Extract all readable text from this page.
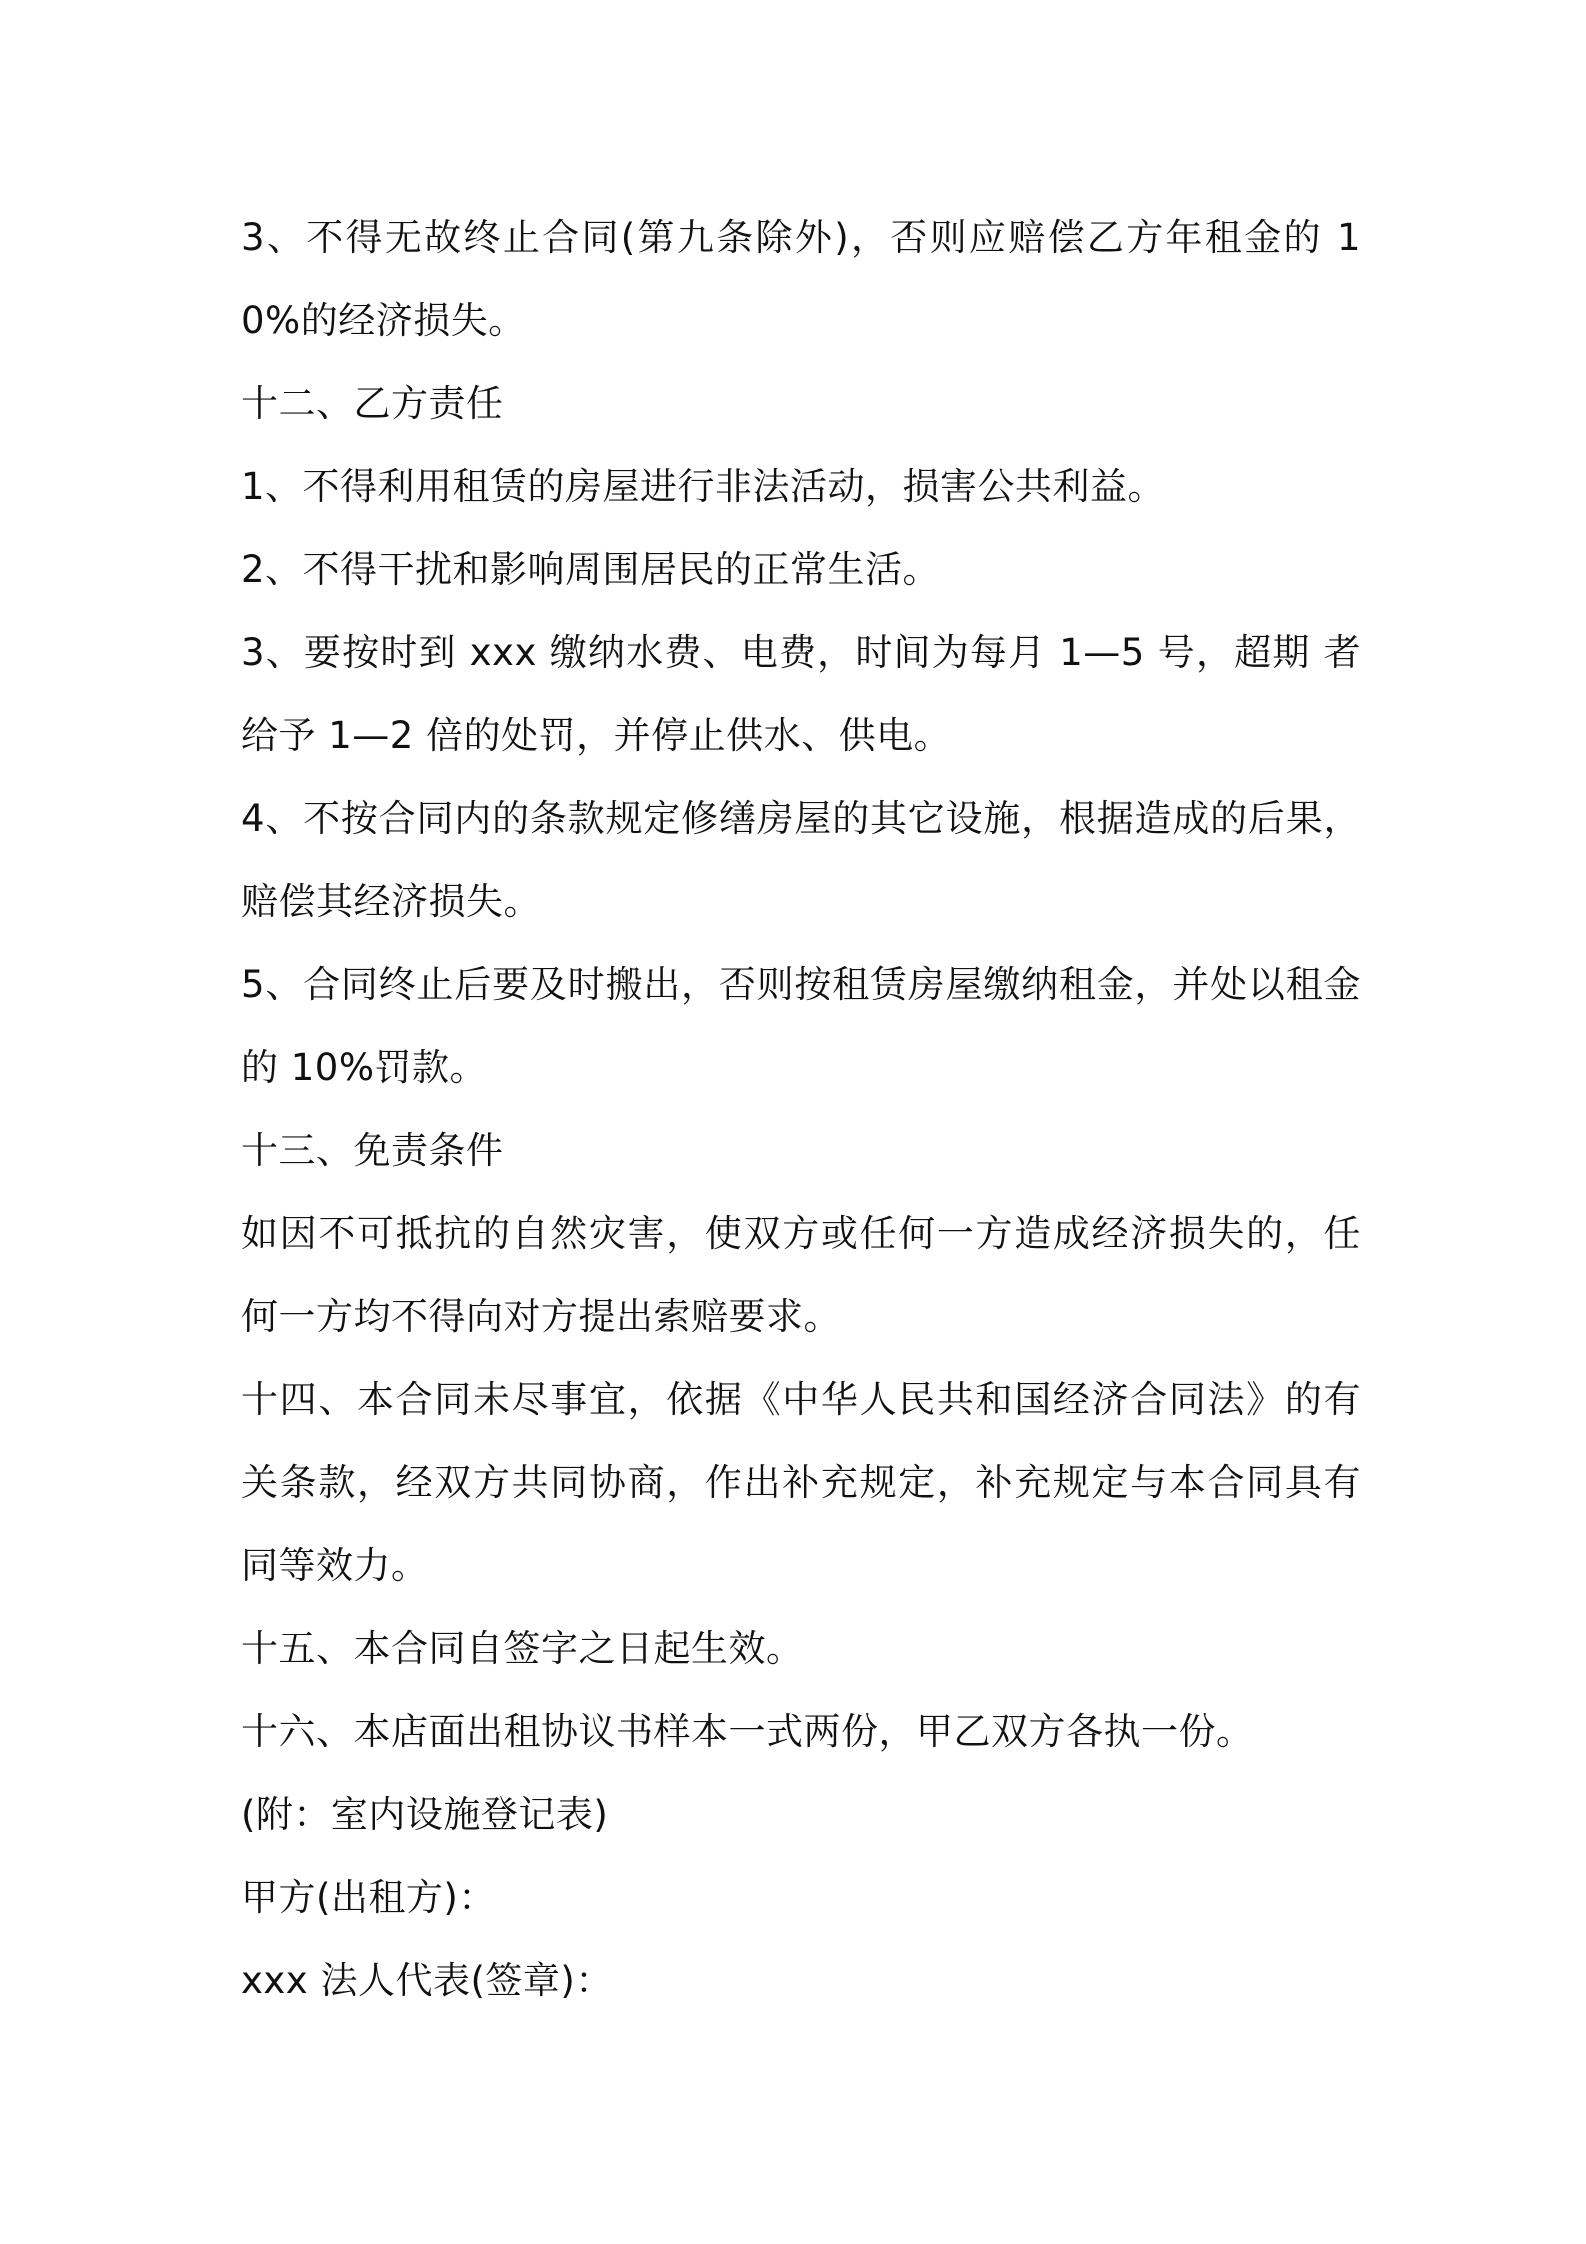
3、不得无故终止合同(第九条除外)，否则应赔偿乙方年租金的 10%的经济损失。

十二、乙方责任

1、不得利用租赁的房屋进行非法活动，损害公共利益。

2、不得干扰和影响周围居民的正常生活。

3、要按时到 xxx 缴纳水费、电费，时间为每月 1—5 号，超期 者给予 1—2 倍的处罚，并停止供水、供电。

4、不按合同内的条款规定修缮房屋的其它设施，根据造成的后果，赔偿其经济损失。

5、合同终止后要及时搬出，否则按租赁房屋缴纳租金，并处以租金的 10%罚款。

十三、免责条件

如因不可抵抗的自然灾害，使双方或任何一方造成经济损失的，任何一方均不得向对方提出索赔要求。

十四、本合同未尽事宜，依据《中华人民共和国经济合同法》的有关条款，经双方共同协商，作出补充规定，补充规定与本合同具有同等效力。

十五、本合同自签字之日起生效。

十六、本店面出租协议书样本一式两份，甲乙双方各执一份。

(附：室内设施登记表)

甲方(出租方)：

xxx 法人代表(签章)：
